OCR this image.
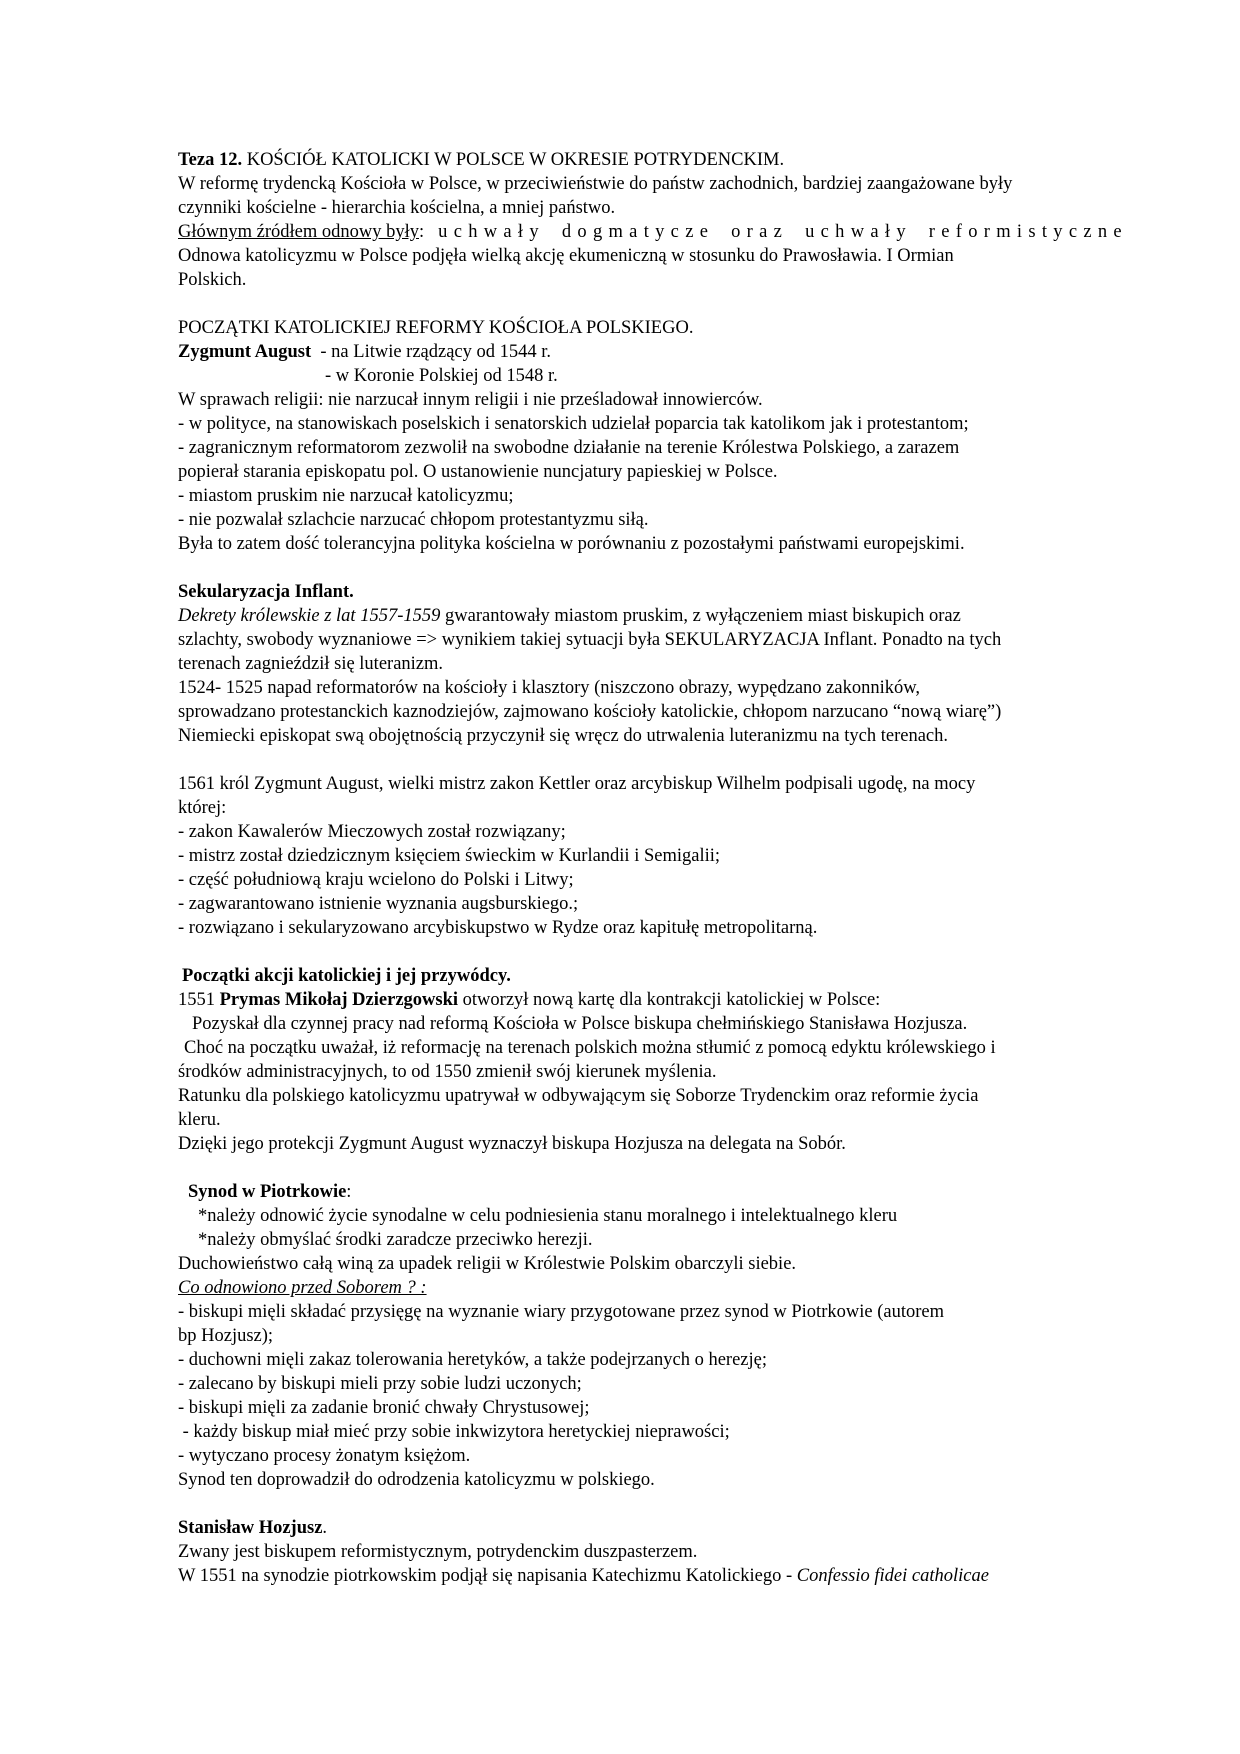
Teza 12. KOŚCIÓŁ KATOLICKI W POLSCE W OKRESIE POTRYDENCKIM.
W reformę trydencką Kościoła w Polsce, w przeciwieństwie do państw zachodnich, bardziej zaangażowane były
czynniki kościelne - hierarchia kościelna, a mniej państwo.
Głównym źródłem odnowy były: uchwały dogmatycze oraz uchwały reformistyczne
Odnowa katolicyzmu w Polsce podjęła wielką akcję ekumeniczną w stosunku do Prawosławia. I Ormian
Polskich.
POCZĄTKI KATOLICKIEJ REFORMY KOŚCIOŁA POLSKIEGO.
Zygmunt August  - na Litwie rządzący od 1544 r.
- w Koronie Polskiej od 1548 r.
W sprawach religii: nie narzucał innym religii i nie prześladował innowierców.
- w polityce, na stanowiskach poselskich i senatorskich udzielał poparcia tak katolikom jak i protestantom;
- zagranicznym reformatorom zezwolił na swobodne działanie na terenie Królestwa Polskiego, a zarazem
popierał starania episkopatu pol. O ustanowienie nuncjatury papieskiej w Polsce.
- miastom pruskim nie narzucał katolicyzmu;
- nie pozwalał szlachcie narzucać chłopom protestantyzmu siłą.
Była to zatem dość tolerancyjna polityka kościelna w porównaniu z pozostałymi państwami europejskimi.
Sekularyzacja Inflant.
Dekrety królewskie z lat 1557-1559 gwarantowały miastom pruskim, z wyłączeniem miast biskupich oraz
szlachty, swobody wyznaniowe => wynikiem takiej sytuacji była SEKULARYZACJA Inflant. Ponadto na tych
terenach zagnieździł się luteranizm.
1524- 1525 napad reformatorów na kościoły i klasztory (niszczono obrazy, wypędzano zakonników,
sprowadzano protestanckich kaznodziejów, zajmowano kościoły katolickie, chłopom narzucano “nową wiarę”)
Niemiecki episkopat swą obojętnością przyczynił się wręcz do utrwalenia luteranizmu na tych terenach.
1561 król Zygmunt August, wielki mistrz zakon Kettler oraz arcybiskup Wilhelm podpisali ugodę, na mocy
której:
- zakon Kawalerów Mieczowych został rozwiązany;
- mistrz został dziedzicznym księciem świeckim w Kurlandii i Semigalii;
- część południową kraju wcielono do Polski i Litwy;
- zagwarantowano istnienie wyznania augsburskiego.;
- rozwiązano i sekularyzowano arcybiskupstwo w Rydze oraz kapitułę metropolitarną.
Początki akcji katolickiej i jej przywódcy.
1551 Prymas Mikołaj Dzierzgowski otworzył nową kartę dla kontrakcji katolickiej w Polsce:
Pozyskał dla czynnej pracy nad reformą Kościoła w Polsce biskupa chełmińskiego Stanisława Hozjusza.
Choć na początku uważał, iż reformację na terenach polskich można stłumić z pomocą edyktu królewskiego i
środków administracyjnych, to od 1550 zmienił swój kierunek myślenia.
Ratunku dla polskiego katolicyzmu upatrywał w odbywającym się Soborze Trydenckim oraz reformie życia
kleru.
Dzięki jego protekcji Zygmunt August wyznaczył biskupa Hozjusza na delegata na Sobór.
Synod w Piotrkowie:
*należy odnowić życie synodalne w celu podniesienia stanu moralnego i intelektualnego kleru
*należy obmyślać środki zaradcze przeciwko herezji.
Duchowieństwo całą winą za upadek religii w Królestwie Polskim obarczyli siebie.
Co odnowiono przed Soborem ? :
- biskupi mięli składać przysięgę na wyznanie wiary przygotowane przez synod w Piotrkowie (autorem
bp Hozjusz);
- duchowni mięli zakaz tolerowania heretyków, a także podejrzanych o herezję;
- zalecano by biskupi mieli przy sobie ludzi uczonych;
- biskupi mięli za zadanie bronić chwały Chrystusowej;
- każdy biskup miał mieć przy sobie inkwizytora heretyckiej nieprawości;
- wytyczano procesy żonatym księżom.
Synod ten doprowadził do odrodzenia katolicyzmu w polskiego.
Stanisław Hozjusz.
Zwany jest biskupem reformistycznym, potrydenckim duszpasterzem.
W 1551 na synodzie piotrkowskim podjął się napisania Katechizmu Katolickiego - Confessio fidei catholicae
